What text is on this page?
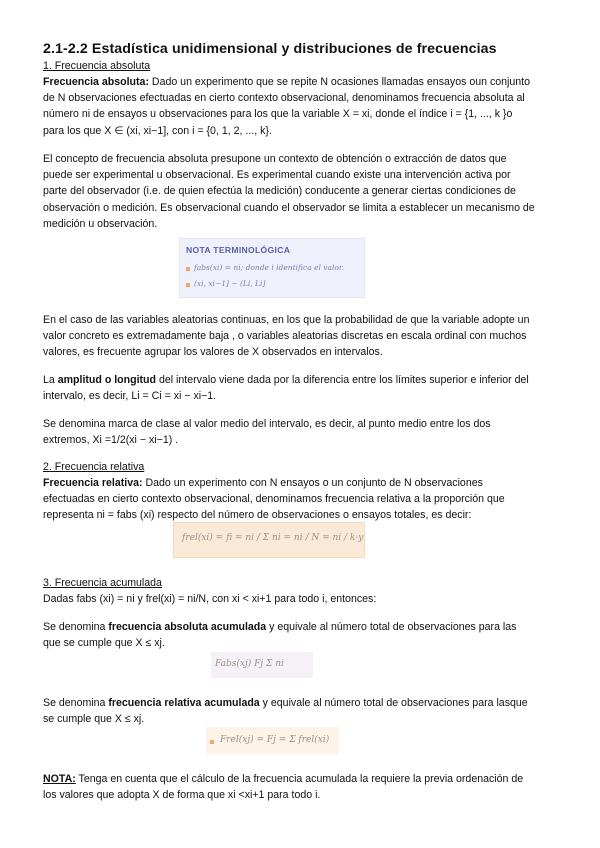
2.1-2.2 Estadística unidimensional y distribuciones de frecuencias
1. Frecuencia absoluta
Frecuencia absoluta: Dado un experimento que se repite N ocasiones llamadas ensayos oun conjunto
de N observaciones efectuadas en cierto contexto observacional, denominamos frecuencia absoluta al
número ni de ensayos u observaciones para los que la variable X = xi, donde el índice i = {1, ..., k }o
para los que X ∈ (xi, xi−1], con i = {0, 1, 2, ..., k}.
El concepto de frecuencia absoluta presupone un contexto de obtención o extracción de datos que
puede ser experimental u observacional. Es experimental cuando existe una intervención activa por
parte del observador (i.e. de quien efectúa la medición) conducente a generar ciertas condiciones de
observación o medición. Es observacional cuando el observador se limita a establecer un mecanismo de
medición u observación.
NOTA TERMINOLÓGICA
fabs(xi) = ni; donde i identifica el valor.
(xi, xi−1] − (Li, Li]
En el caso de las variables aleatorias continuas, en los que la probabilidad de que la variable adopte un
valor concreto es extremadamente baja , o variables aleatorias discretas en escala ordinal con muchos
valores, es frecuente agrupar los valores de X observados en intervalos.
La amplitud o longitud del intervalo viene dada por la diferencia entre los límites superior e inferior del
intervalo, es decir, Li = Ci = xi − xi−1.
Se denomina marca de clase al valor medio del intervalo, es decir, al punto medio entre los dos
extremos, Xi =1/2(xi − xi−1) .
2. Frecuencia relativa
Frecuencia relativa: Dado un experimento con N ensayos o un conjunto de N observaciones
efectuadas en cierto contexto observacional, denominamos frecuencia relativa a la proporción que
representa ni = fabs (xi) respecto del número de observaciones o ensayos totales, es decir:
frel(xi) = fi = ni / Σ ni = ni / N = ni / k·y
3. Frecuencia acumulada
Dadas fabs (xi) = ni y frel(xi) = ni/N, con xi < xi+1 para todo i, entonces:
Se denomina frecuencia absoluta acumulada y equivale al número total de observaciones para las
que se cumple que X ≤ xj.
Fabs(xj) Fj Σ ni
Se denomina frecuencia relativa acumulada y equivale al número total de observaciones para lasque
se cumple que X ≤ xj.
Frel(xj) = Fj = Σ frel(xi)
NOTA: Tenga en cuenta que el cálculo de la frecuencia acumulada la requiere la previa ordenación de
los valores que adopta X de forma que xi <xi+1 para todo i.
